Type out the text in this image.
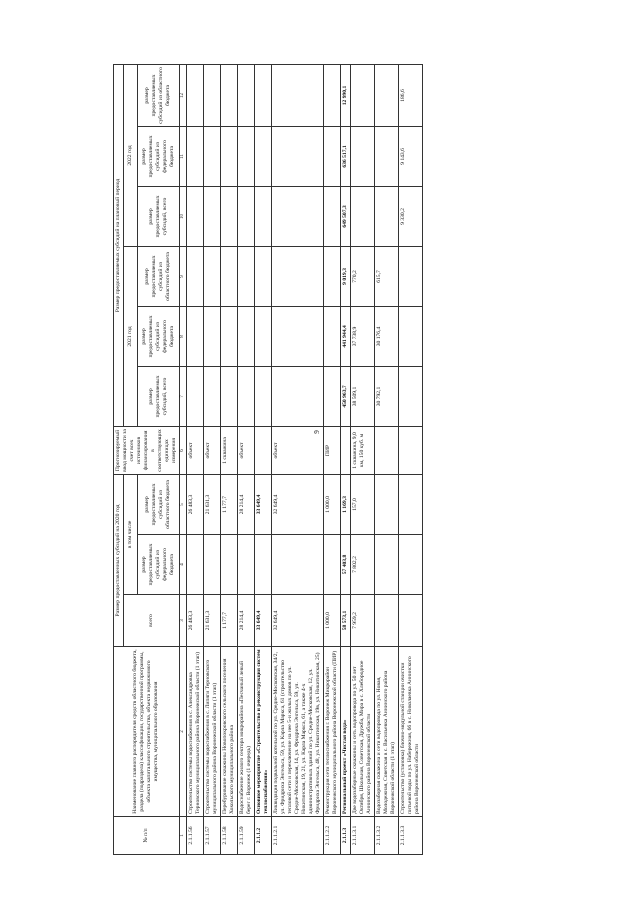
9
№ п/п	Наименование главного распорядителя средств областного бюджета, раздела (подраздела) классификации, государственной программы, объекта капитального строительства, объекта недвижимого имущества, муниципального образования	Размер предоставленных субсидий на 2020 год			Прогнозируемый ввод мощности за счет всех источников финансирования в соответствующих единицах измерения	Размер предоставляемых субсидий на плановый период					
		всего	в том числе			2021 год			2022 год		
			размер предоставляемых субсидий из федерального бюджета	размер предоставляемых субсидий из областного бюджета		размер предоставляемых субсидий, всего	размер предоставляемых субсидий из федерального бюджета	размер предоставляемых субсидий из областного бюджета	размер предоставляемых субсидий, всего	размер предоставляемых субсидий из федерального бюджета	размер предоставляемых субсидий из областного бюджета

1	2	3	4	5	6	7	8	9	10	11	12
2.1.1.56	Строительство системы водоснабжения в с. Александровка Терновского муниципального района Воронежской области (1 этап)	26 483,3		26 483,3	объект						
2.1.1.57	Строительство системы водоснабжения в с. Липяги Терновского муниципального района Воронежской области (1 этап)	21 631,3		21 631,3	объект						
2.1.1.58	Перебуривание скважины Новопокровского сельского поселения Хохольского муниципального района	1 177,7		1 177,7	1 скважина						
2.1.1.59	Водоснабжение жилого сектора микрорайона «Песчаный левый берег г. Воронеж (1 очередь)	28 214,4		28 214,4	объект						
2.1.1.2	Основное мероприятие «Строительство и реконструкция систем теплоснабжения»	33 649,4		33 649,4							
2.1.1.2.1	Ликвидация подвальной котельной по ул. Средне-Московская, 34/2, ул. Фридриха Энгельса, 59, ул. Карла Маркса, 61 (строительство тепловой сети и переключение на нее 5-и жилых домов по ул. Средне-Московская, 14, ул. Фридриха Энгельса, 59, ул. Никитинская, 19, 21, ул. Карла Маркса, 61, а также 4-х административных зданий по ул. Средне-Московская, 12, ул. Фридриха Энгельса, 48, ул. Никитинская, 19в, ул. Никитинская, 25)	32 649,4		32 649,4	объект						
2.1.1.2.2	Реконструкция сети теплоснабжения г. Воронеж Микрорайон Воронежского муниципального района Воронежской области (ПИР)	1 000,0		1 000,0	ПИР						
2.1.1.3	Региональный проект «Чистая вода»	58 573,1	57 403,8	1 169,3		450 963,7	441 944,4	9 019,3	649 507,3	636 517,1	12 990,1
2.1.1.3.1	Две водозаборные скважины и сеть водопровода по ул. 50 лет Октября, Школьная, Советская, Дружба, Мира в с. Хлебородное Аннинского района Воронежской области	7 959,2	7 802,2	157,0	1 скважина, 9,0 км, 150 куб. м	38 509,1	37 738,9	770,2			
2.1.1.3.2	Водозаборная скважина и сети водопровода по ул. Новая, Молодежная, Советская в с. Васильевка Аннинского района Воронежской области (1 этап)					30 792,1	30 176,4	615,7			
2.1.1.3.3	Строительство (установка) блочно-модульной станции очистки питьевой воды по ул. Набережная, 66 в с. Николаевка Аннинского района Воронежской области								9 330,2	9 143,6	186,6
